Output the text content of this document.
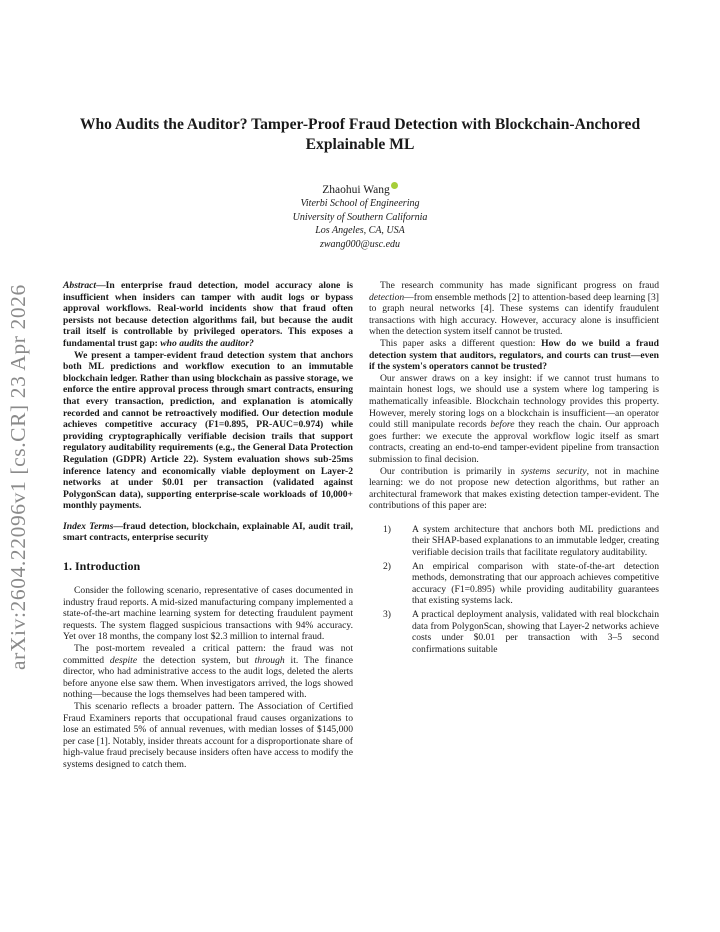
arXiv:2604.22096v1 [cs.CR] 23 Apr 2026
Who Audits the Auditor? Tamper-Proof Fraud Detection with Blockchain-Anchored Explainable ML
Zhaohui Wang
Viterbi School of Engineering
University of Southern California
Los Angeles, CA, USA
zwang000@usc.edu

Abstract—In enterprise fraud detection, model accuracy alone is insufficient when insiders can tamper with audit logs or bypass approval workflows. Real-world incidents show that fraud often persists not because detection algorithms fail, but because the audit trail itself is controllable by privileged operators. This exposes a fundamental trust gap: who audits the auditor?

We present a tamper-evident fraud detection system that anchors both ML predictions and workflow execution to an immutable blockchain ledger. Rather than using blockchain as passive storage, we enforce the entire approval process through smart contracts, ensuring that every transaction, prediction, and explanation is atomically recorded and cannot be retroactively modified. Our detection module achieves competitive accuracy (F1=0.895, PR-AUC=0.974) while providing cryptographically verifiable decision trails that support regulatory auditability requirements (e.g., the General Data Protection Regulation (GDPR) Article 22). System evaluation shows sub-25ms inference latency and economically viable deployment on Layer-2 networks at under $0.01 per transaction (validated against PolygonScan data), supporting enterprise-scale workloads of 10,000+ monthly payments.

Index Terms—fraud detection, blockchain, explainable AI, audit trail, smart contracts, enterprise security

1. Introduction

Consider the following scenario, representative of cases documented in industry fraud reports. A mid-sized manufacturing company implemented a state-of-the-art machine learning system for detecting fraudulent payment requests. The system flagged suspicious transactions with 94% accuracy. Yet over 18 months, the company lost $2.3 million to internal fraud.

The post-mortem revealed a critical pattern: the fraud was not committed despite the detection system, but through it. The finance director, who had administrative access to the audit logs, deleted the alerts before anyone else saw them. When investigators arrived, the logs showed nothing—because the logs themselves had been tampered with.

This scenario reflects a broader pattern. The Association of Certified Fraud Examiners reports that occupational fraud causes organizations to lose an estimated 5% of annual revenues, with median losses of $145,000 per case [1]. Notably, insider threats account for a disproportionate share of high-value fraud precisely because insiders often have access to modify the systems designed to catch them.

The research community has made significant progress on fraud detection—from ensemble methods [2] to attention-based deep learning [3] to graph neural networks [4]. These systems can identify fraudulent transactions with high accuracy. However, accuracy alone is insufficient when the detection system itself cannot be trusted.

This paper asks a different question: How do we build a fraud detection system that auditors, regulators, and courts can trust—even if the system's operators cannot be trusted?

Our answer draws on a key insight: if we cannot trust humans to maintain honest logs, we should use a system where log tampering is mathematically infeasible. Blockchain technology provides this property. However, merely storing logs on a blockchain is insufficient—an operator could still manipulate records before they reach the chain. Our approach goes further: we execute the approval workflow logic itself as smart contracts, creating an end-to-end tamper-evident pipeline from transaction submission to final decision.

Our contribution is primarily in systems security, not in machine learning: we do not propose new detection algorithms, but rather an architectural framework that makes existing detection tamper-evident. The contributions of this paper are:

1)	A system architecture that anchors both ML predictions and their SHAP-based explanations to an immutable ledger, creating verifiable decision trails that facilitate regulatory auditability.
2)	An empirical comparison with state-of-the-art detection methods, demonstrating that our approach achieves competitive accuracy (F1=0.895) while providing auditability guarantees that existing systems lack.
3)	A practical deployment analysis, validated with real blockchain data from PolygonScan, showing that Layer-2 networks achieve costs under $0.01 per transaction with 3–5 second confirmations suitable
